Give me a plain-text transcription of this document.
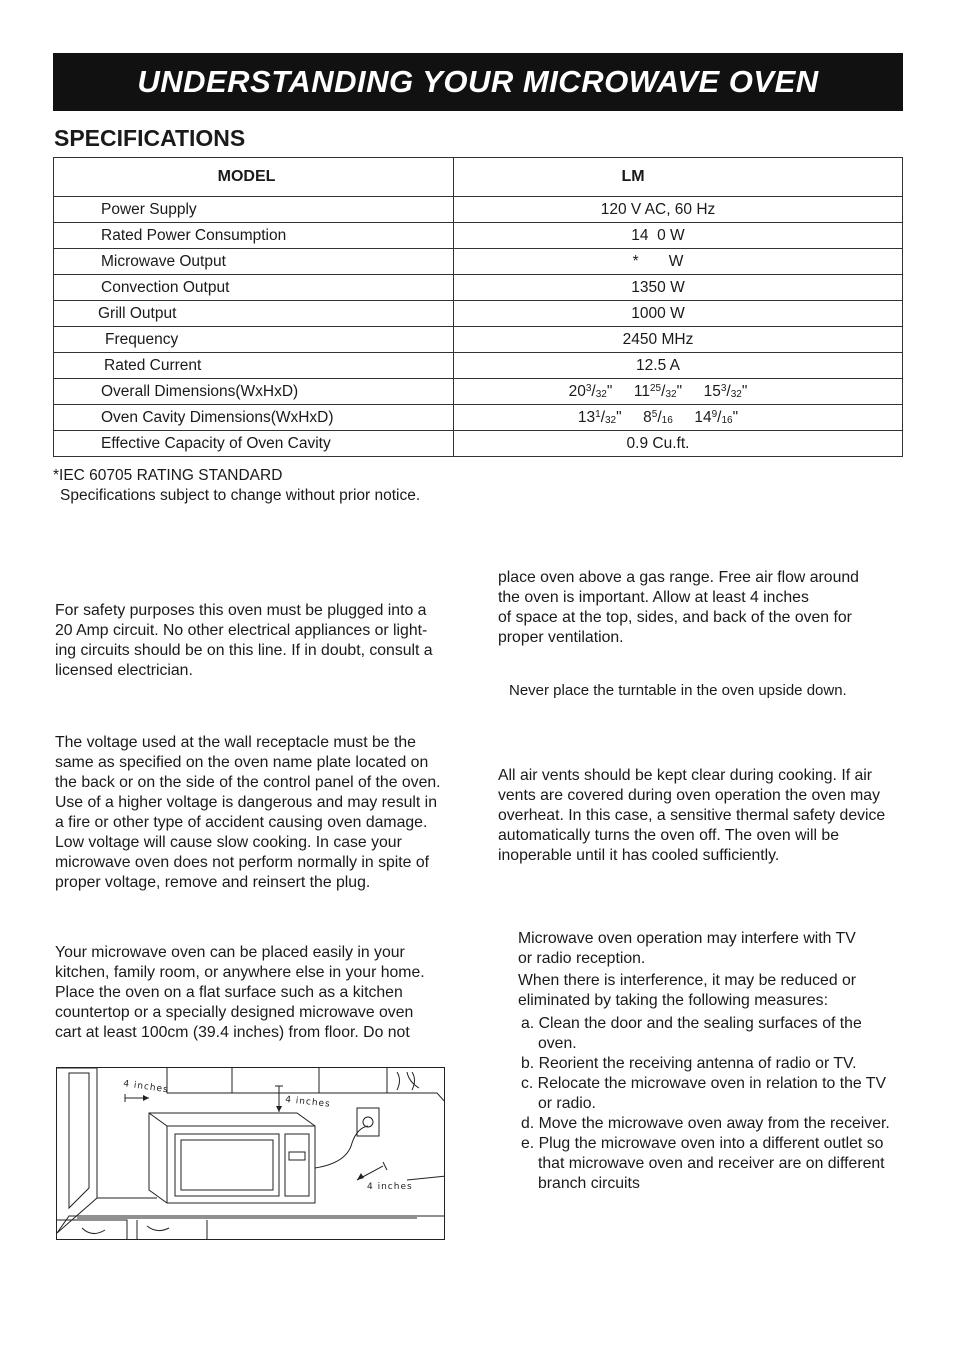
UNDERSTANDING YOUR MICROWAVE OVEN
SPECIFICATIONS
MODEL	LM
Power Supply	120 V AC, 60 Hz
Rated Power Consumption	14  0 W
Microwave Output	*       W
Convection Output	1350 W
Grill Output	1000 W
Frequency	2450 MHz
Rated Current	12.5 A
Overall Dimensions(WxHxD)	$20^3/_{32}$"     $11^{25}/_{32}$"     $15^3/_{32}$"
Oven Cavity Dimensions(WxHxD)	$13^1/_{32}$"     $8^5/_{16}$ $14^9/_{16}$"
Effective Capacity of Oven Cavity	0.9 Cu.ft.
*IEC 60705 RATING STANDARD
Specifications subject to change without prior notice.
For safety purposes this oven must be plugged into a
20 Amp circuit. No other electrical appliances or light-
ing circuits should be on this line. If in doubt, consult a
licensed electrician.
The voltage used at the wall receptacle must be the
same as specified on the oven name plate located on
the back or on the side of the control panel of the oven.
Use of a higher voltage is dangerous and may result in
a fire or other type of accident causing oven damage.
Low voltage will cause slow cooking. In case your
microwave oven does not perform normally in spite of
proper voltage, remove and reinsert the plug.
Your microwave oven can be placed easily in your
kitchen, family room, or anywhere else in your home.
Place the oven on a flat surface such as a kitchen
countertop or a specially designed microwave oven
cart at least 100cm (39.4 inches) from floor. Do not
place oven above a gas range. Free air flow around
the oven is important. Allow at least 4 inches
of space at the top, sides, and back of the oven for
proper ventilation.
Never place the turntable in the oven upside down.
All air vents should be kept clear during cooking. If air
vents are covered during oven operation the oven may
overheat. In this case, a sensitive thermal safety device
automatically turns the oven off. The oven will be
inoperable until it has cooled sufficiently.
Microwave oven operation may interfere with TV
or radio reception.
When there is interference, it may be reduced or
eliminated by taking the following measures:
a. Clean the door and the sealing surfaces of the oven.
b. Reorient the receiving antenna of radio or TV.
c. Relocate the microwave oven in relation to the TV or radio.
d. Move the microwave oven away from the receiver.
e. Plug the microwave oven into a different outlet so that microwave oven and receiver are on different branch circuits
4 inches
4 inches
4 inches
